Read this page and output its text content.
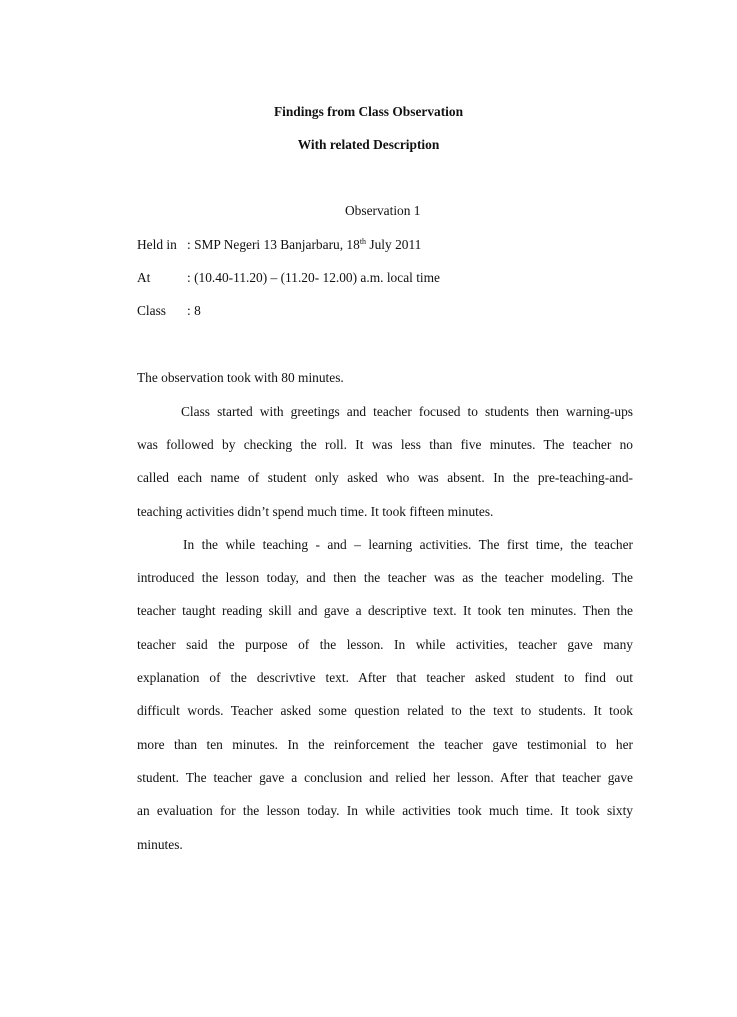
Findings from Class Observation
With related Description
Observation 1
Held in : SMP Negeri 13 Banjarbaru, 18th July 2011
At	: (10.40-11.20) – (11.20- 12.00) a.m. local time
Class : 8
The observation took with 80 minutes.
Class started with greetings and teacher focused to students then warning-ups
was followed by checking the roll. It was less than five minutes. The teacher no
called each name of student only asked who was absent. In the pre-teaching-and-
teaching activities didn’t spend much time. It took fifteen minutes.
In the while teaching - and – learning activities. The first time, the teacher
introduced the lesson today, and then the teacher was as the teacher modeling. The
teacher taught reading skill and gave a descriptive text. It took ten minutes. Then the
teacher said the purpose of the lesson. In while activities, teacher gave many
explanation of the descrivtive text. After that teacher asked student to find out
difficult words. Teacher asked some question related to the text to students. It took
more than ten minutes. In the reinforcement the teacher gave testimonial to her
student. The teacher gave a conclusion and relied her lesson. After that teacher gave
an evaluation for the lesson today. In while activities took much time. It took sixty
minutes.
